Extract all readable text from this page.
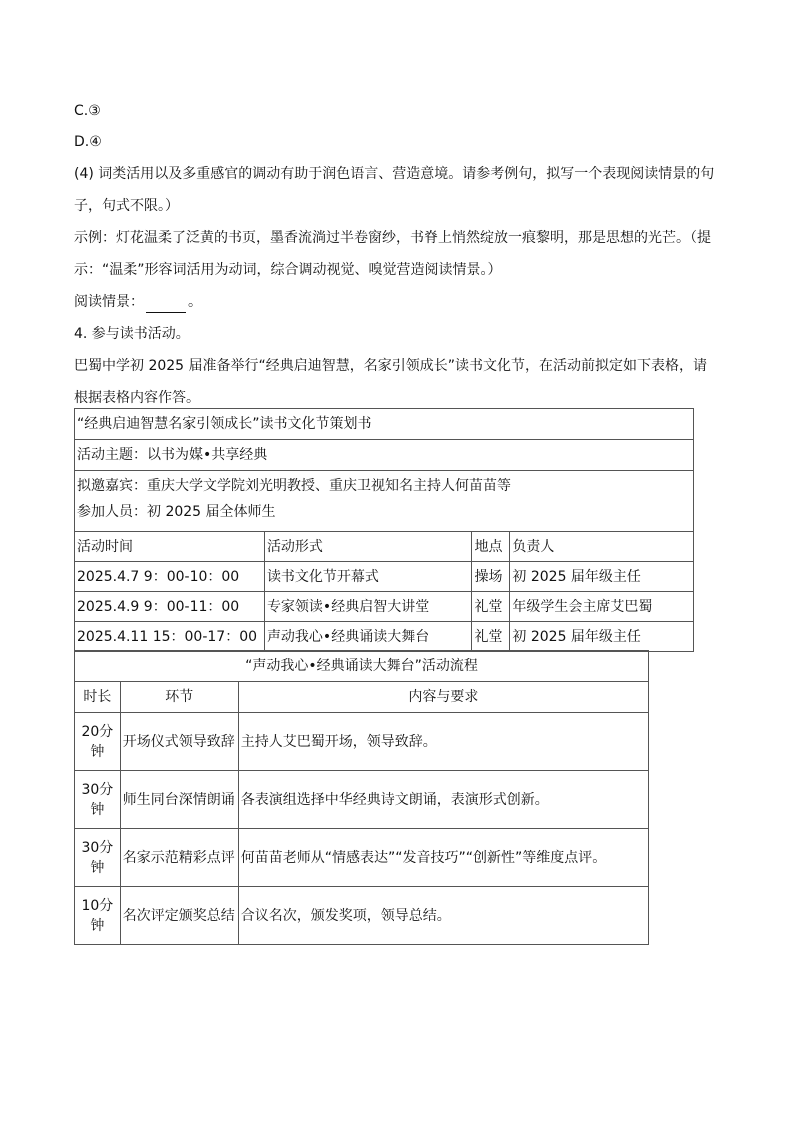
C.③
D.④
(4) 词类活用以及多重感官的调动有助于润色语言、营造意境。请参考例句，拟写一个表现阅读情景的句
子，句式不限。）
示例：灯花温柔了泛黄的书页，墨香流淌过半卷窗纱，书脊上悄然绽放一痕黎明，那是思想的光芒。（提
示：“温柔”形容词活用为动词，综合调动视觉、嗅觉营造阅读情景。）
阅读情景：	。
4. 参与读书活动。
巴蜀中学初 2025 届准备举行“经典启迪智慧，名家引领成长”读书文化节，在活动前拟定如下表格，请
根据表格内容作答。
“经典启迪智慧名家引领成长”读书文化节策划书			
活动主题：以书为媒•共享经典			

拟邀嘉宾：重庆大学文学院刘光明教授、重庆卫视知名主持人何苗苗等
参加人员：初 2025 届全体师生			

活动时间	活动形式	地点	负责人
2025.4.7 9：00-10：00	读书文化节开幕式	操场	初 2025 届年级主任
2025.4.9 9：00-11：00	专家领读•经典启智大讲堂	礼堂	年级学生会主席艾巴蜀
2025.4.11 15：00-17：00	声动我心•经典诵读大舞台	礼堂	初 2025 届年级主任
“声动我心•经典诵读大舞台”活动流程		
时长	环节	内容与要求
20分钟	开场仪式领导致辞	主持人艾巴蜀开场，领导致辞。
30分钟	师生同台深情朗诵	各表演组选择中华经典诗文朗诵，表演形式创新。
30分钟	名家示范精彩点评	何苗苗老师从“情感表达”“发音技巧”“创新性”等维度点评。
10分钟	名次评定颁奖总结	合议名次，颁发奖项，领导总结。
